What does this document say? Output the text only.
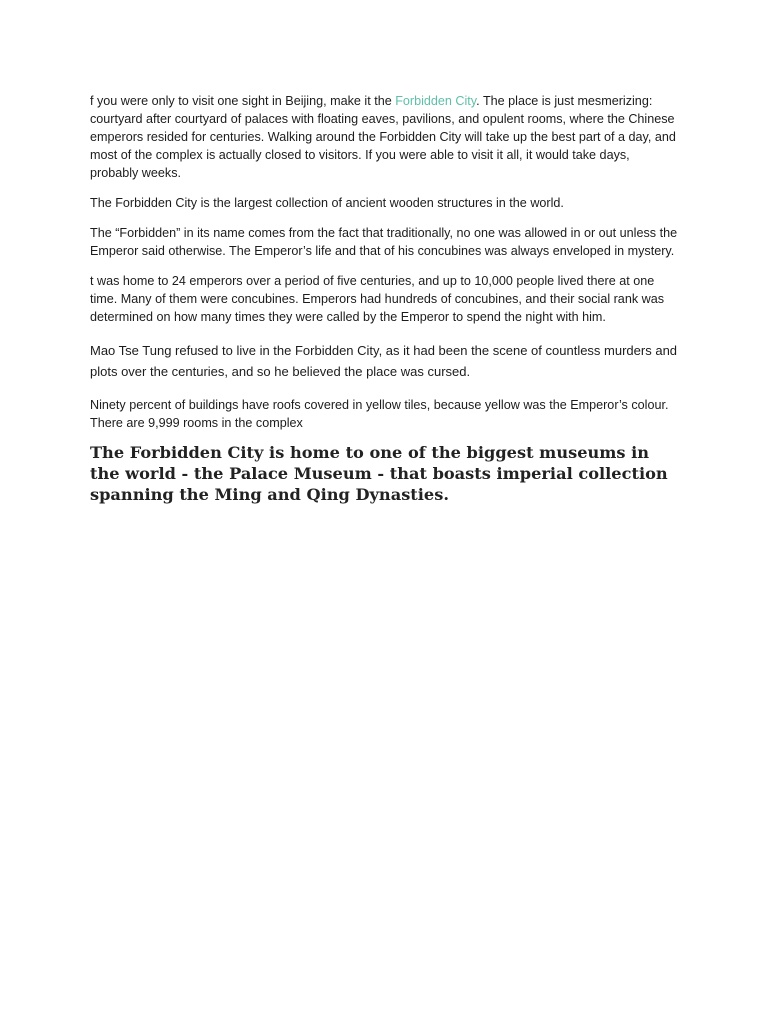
f you were only to visit one sight in Beijing, make it the Forbidden City. The place is just mesmerizing: courtyard after courtyard of palaces with floating eaves, pavilions, and opulent rooms, where the Chinese emperors resided for centuries. Walking around the Forbidden City will take up the best part of a day, and most of the complex is actually closed to visitors. If you were able to visit it all, it would take days, probably weeks.

The Forbidden City is the largest collection of ancient wooden structures in the world.

The “Forbidden” in its name comes from the fact that traditionally, no one was allowed in or out unless the Emperor said otherwise. The Emperor’s life and that of his concubines was always enveloped in mystery.

t was home to 24 emperors over a period of five centuries, and up to 10,000 people lived there at one time. Many of them were concubines. Emperors had hundreds of concubines, and their social rank was determined on how many times they were called by the Emperor to spend the night with him.

Mao Tse Tung refused to live in the Forbidden City, as it had been the scene of countless murders and plots over the centuries, and so he believed the place was cursed.

Ninety percent of buildings have roofs covered in yellow tiles, because yellow was the Emperor’s colour. There are 9,999 rooms in the complex

The Forbidden City is home to one of the biggest museums in the world - the Palace Museum - that boasts imperial collection spanning the Ming and Qing Dynasties.
